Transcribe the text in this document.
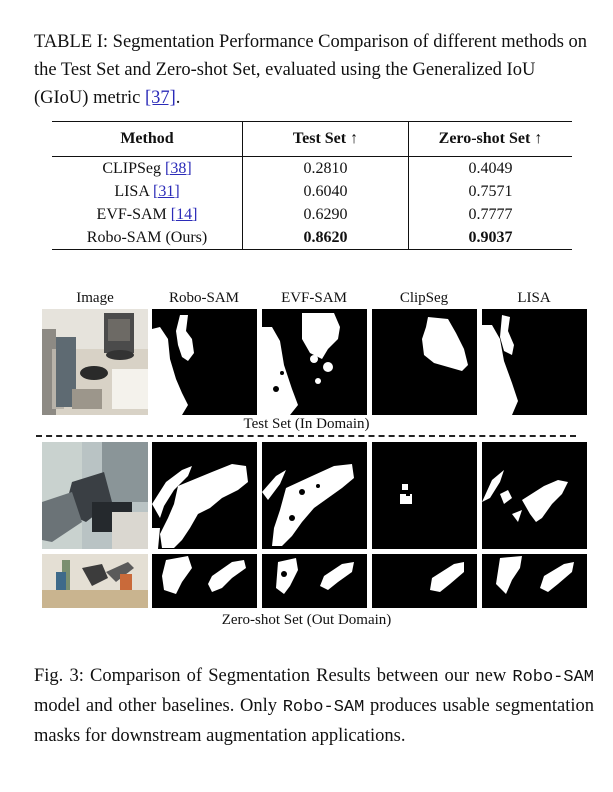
TABLE I: Segmentation Performance Comparison of different methods on the Test Set and Zero-shot Set, evaluated using the Generalized IoU (GIoU) metric [37].
Method	Test Set ↑	Zero-shot Set ↑
CLIPSeg [38]	0.2810	0.4049
LISA [31]	0.6040	0.7571
EVF-SAM [14]	0.6290	0.7777
Robo-SAM (Ours)	0.8620	0.9037
Image	Robo-SAM	EVF-SAM	ClipSeg	LISA
Test Set (In Domain)
Zero-shot Set (Out Domain)
Fig. 3: Comparison of Segmentation Results between our new Robo-SAM model and other baselines. Only Robo-SAM produces usable segmentation masks for downstream augmentation applications.
